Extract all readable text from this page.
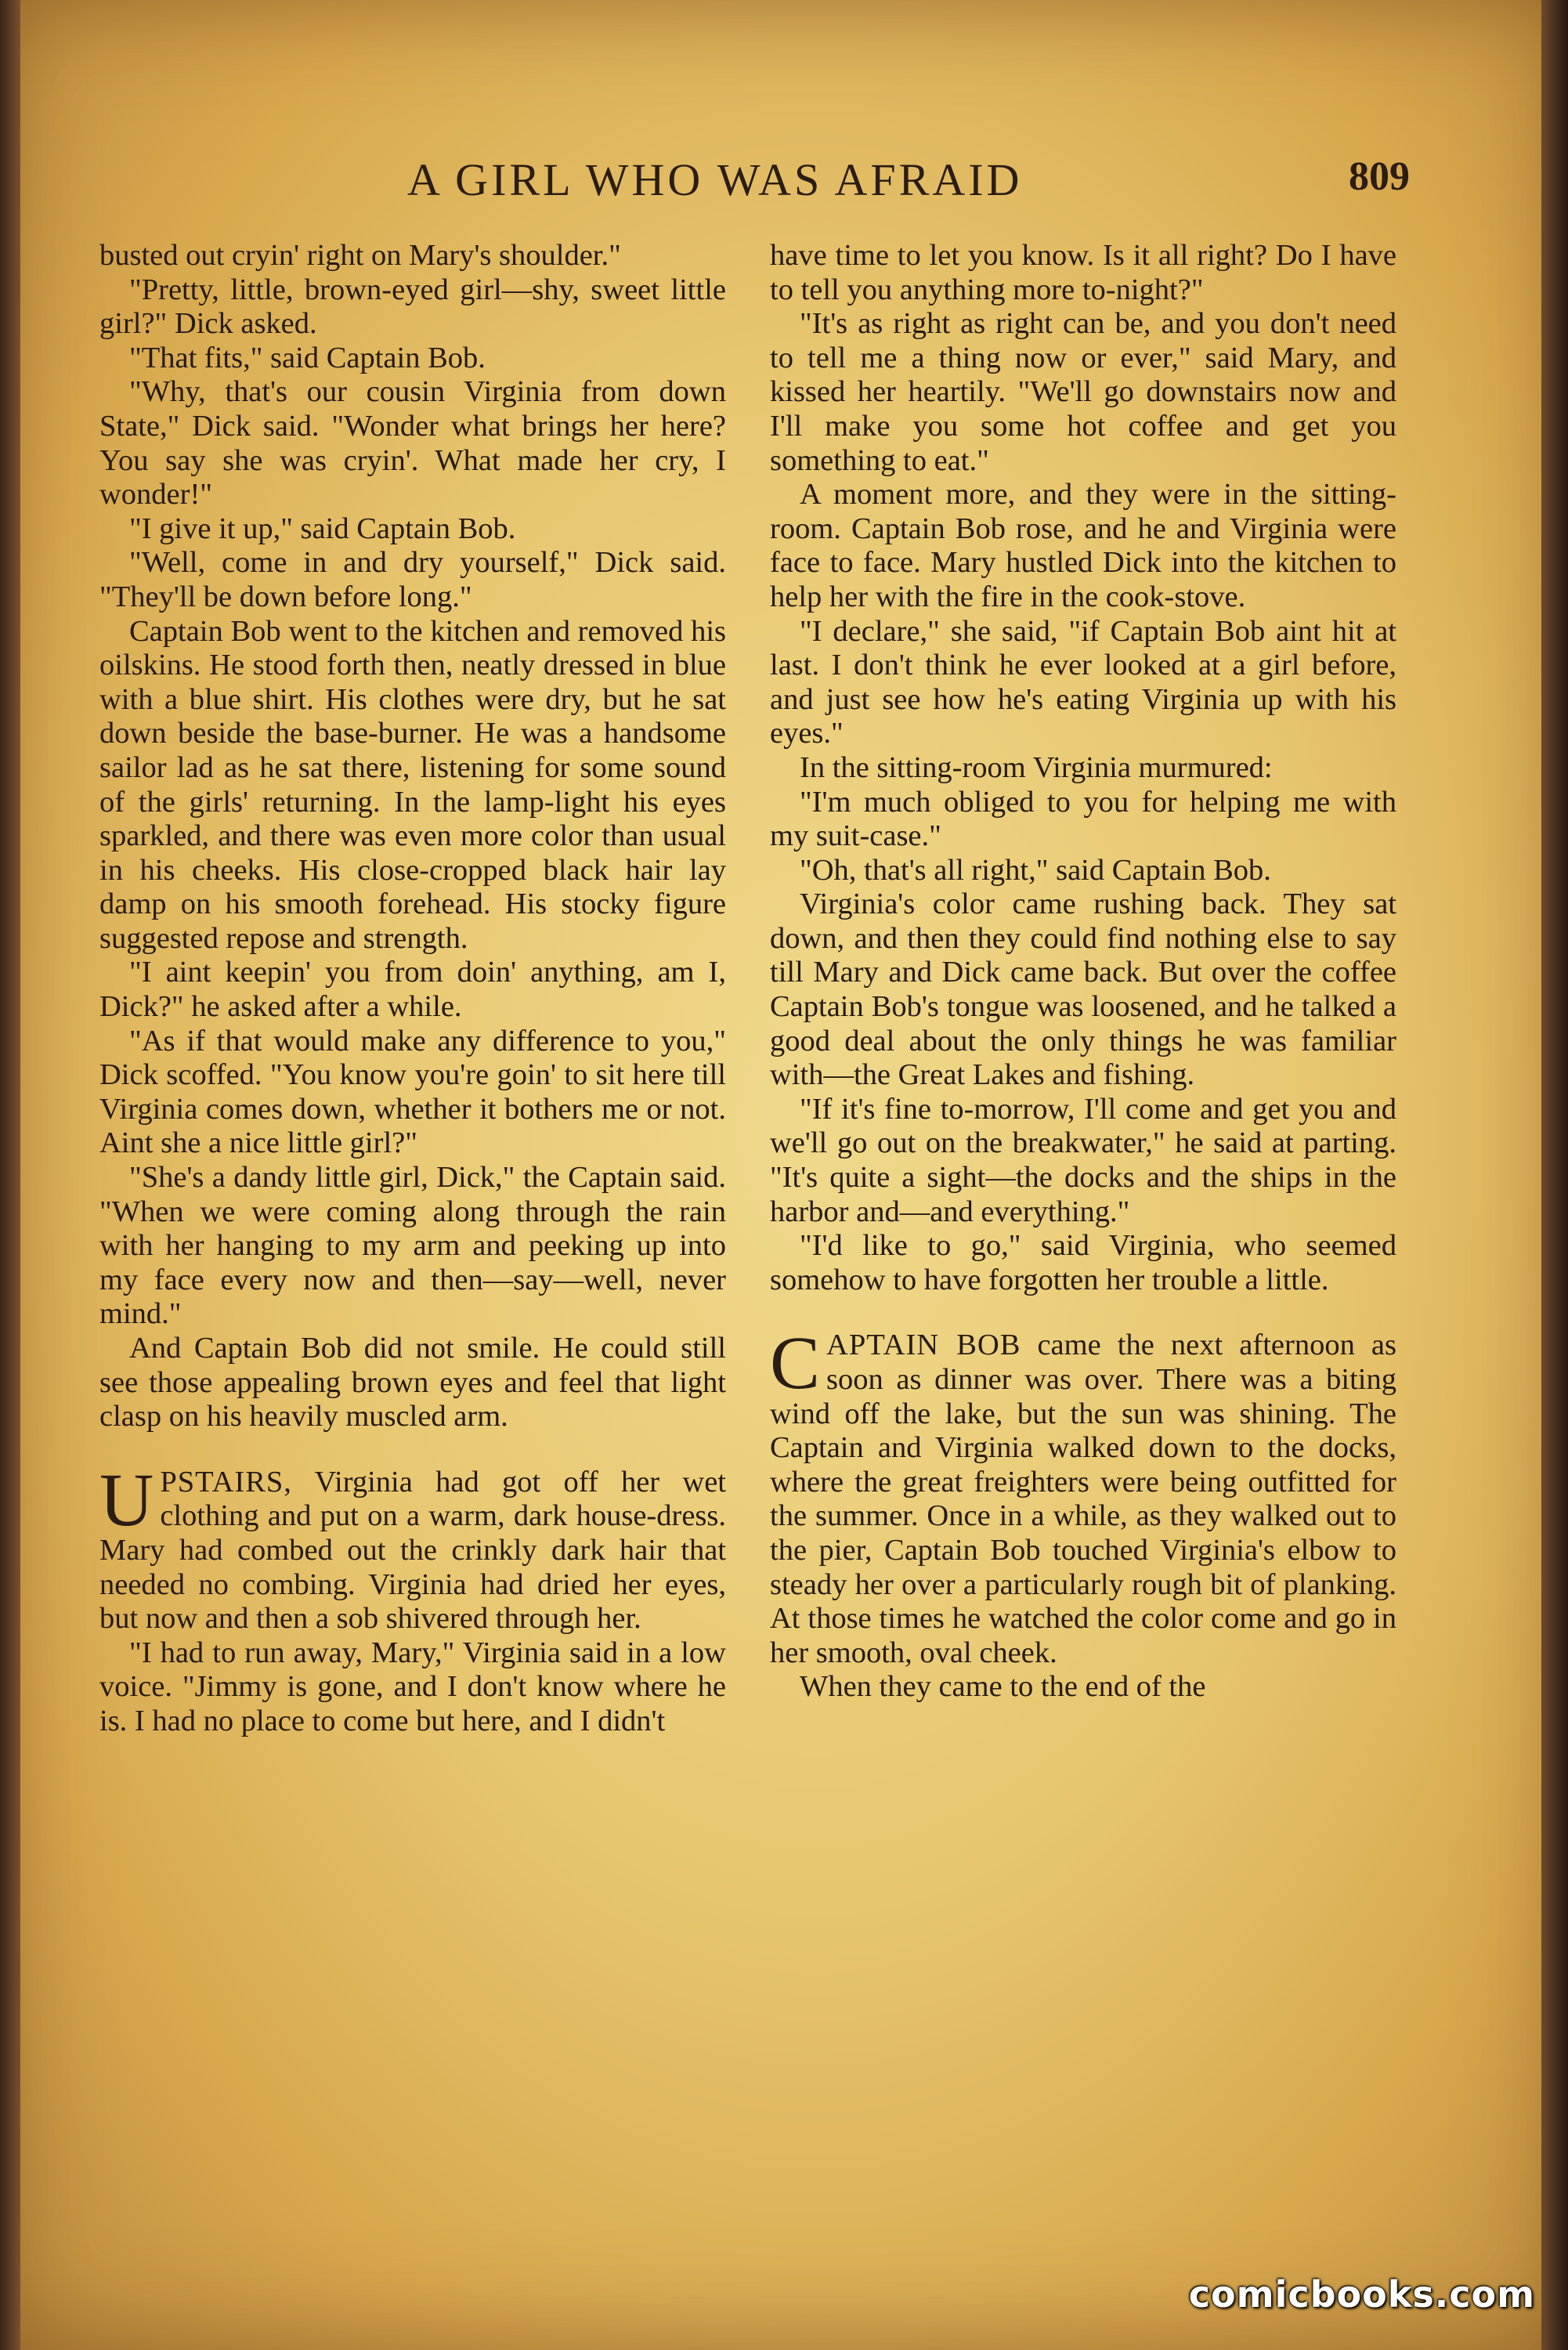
A GIRL WHO WAS AFRAID	809

busted out cryin' right on Mary's shoulder."

"Pretty, little, brown-eyed girl—shy, sweet little girl?" Dick asked.

"That fits," said Captain Bob.

"Why, that's our cousin Virginia from down State," Dick said. "Wonder what brings her here? You say she was cryin'. What made her cry, I wonder!"

"I give it up," said Captain Bob.

"Well, come in and dry yourself," Dick said. "They'll be down before long."

Captain Bob went to the kitchen and removed his oilskins. He stood forth then, neatly dressed in blue with a blue shirt. His clothes were dry, but he sat down beside the base-burner. He was a handsome sailor lad as he sat there, listening for some sound of the girls' returning. In the lamp-light his eyes sparkled, and there was even more color than usual in his cheeks. His close-cropped black hair lay damp on his smooth forehead. His stocky figure suggested repose and strength.

"I aint keepin' you from doin' anything, am I, Dick?" he asked after a while.

"As if that would make any difference to you," Dick scoffed. "You know you're goin' to sit here till Virginia comes down, whether it bothers me or not. Aint she a nice little girl?"

"She's a dandy little girl, Dick," the Captain said. "When we were coming along through the rain with her hanging to my arm and peeking up into my face every now and then—say—well, never mind."

And Captain Bob did not smile. He could still see those appealing brown eyes and feel that light clasp on his heavily muscled arm.

UPSTAIRS, Virginia had got off her wet clothing and put on a warm, dark house-dress. Mary had combed out the crinkly dark hair that needed no combing. Virginia had dried her eyes, but now and then a sob shivered through her.

"I had to run away, Mary," Virginia said in a low voice. "Jimmy is gone, and I don't know where he is. I had no place to come but here, and I didn't

have time to let you know. Is it all right? Do I have to tell you anything more to-night?"

"It's as right as right can be, and you don't need to tell me a thing now or ever," said Mary, and kissed her heartily. "We'll go downstairs now and I'll make you some hot coffee and get you something to eat."

A moment more, and they were in the sitting-room. Captain Bob rose, and he and Virginia were face to face. Mary hustled Dick into the kitchen to help her with the fire in the cook-stove.

"I declare," she said, "if Captain Bob aint hit at last. I don't think he ever looked at a girl before, and just see how he's eating Virginia up with his eyes."

In the sitting-room Virginia murmured:

"I'm much obliged to you for helping me with my suit-case."

"Oh, that's all right," said Captain Bob.

Virginia's color came rushing back. They sat down, and then they could find nothing else to say till Mary and Dick came back. But over the coffee Captain Bob's tongue was loosened, and he talked a good deal about the only things he was familiar with—the Great Lakes and fishing.

"If it's fine to-morrow, I'll come and get you and we'll go out on the breakwater," he said at parting. "It's quite a sight—the docks and the ships in the harbor and—and everything."

"I'd like to go," said Virginia, who seemed somehow to have forgotten her trouble a little.

CAPTAIN BOB came the next afternoon as soon as dinner was over. There was a biting wind off the lake, but the sun was shining. The Captain and Virginia walked down to the docks, where the great freighters were being outfitted for the summer. Once in a while, as they walked out to the pier, Captain Bob touched Virginia's elbow to steady her over a particularly rough bit of planking. At those times he watched the color come and go in her smooth, oval cheek.

When they came to the end of the

comicbooks.com
